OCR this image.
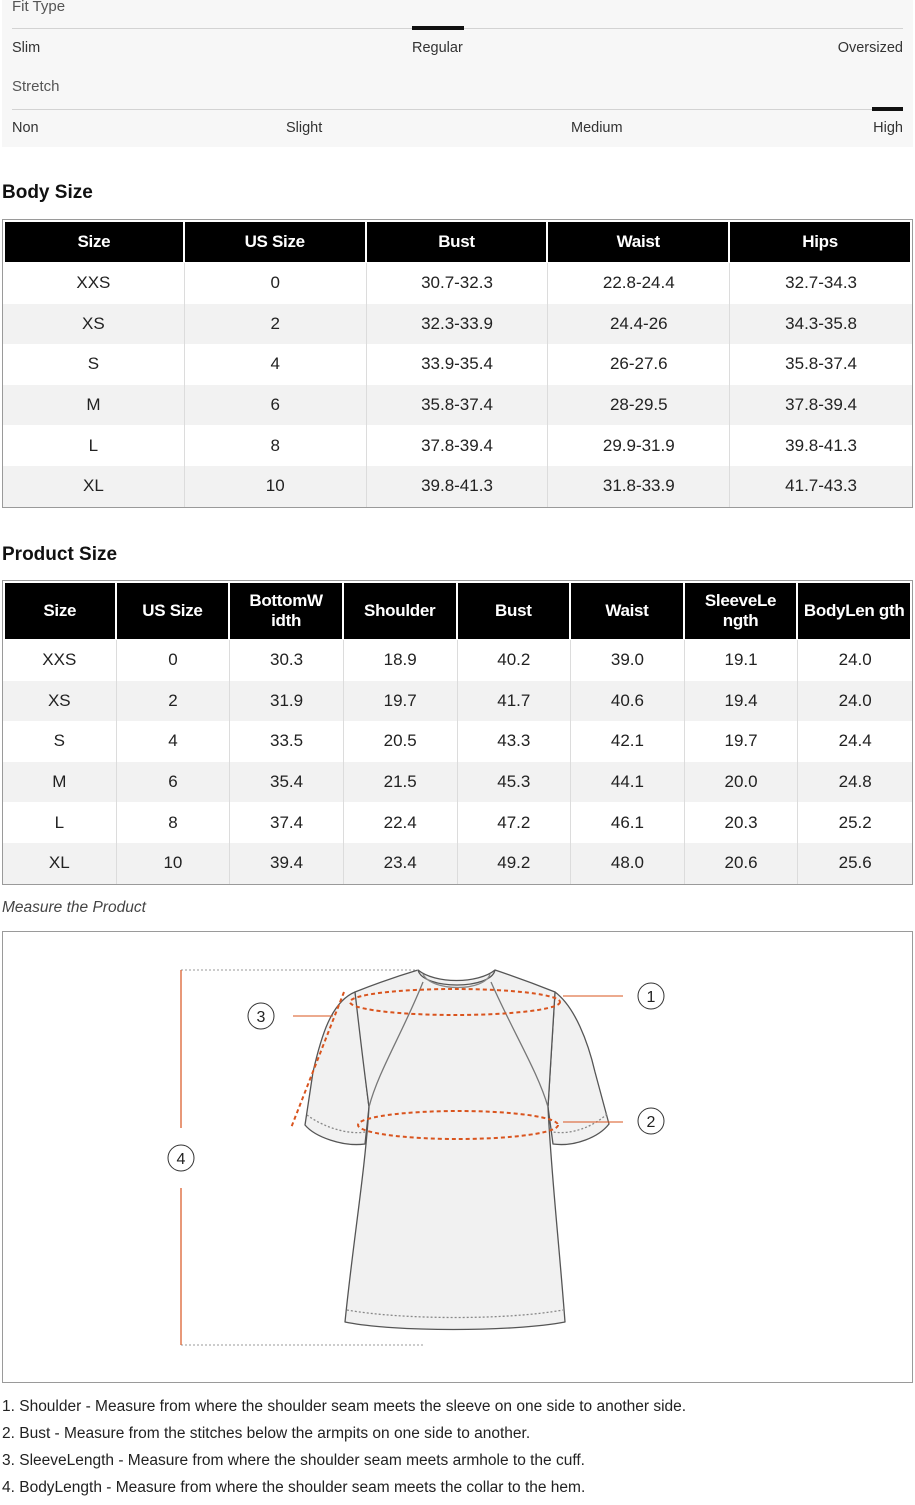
Fit Type
Slim	Regular	Oversized
Stretch
Non	Slight	Medium	High
Body Size
Size	US Size	Bust	Waist	Hips
XXS	0	30.7-32.3	22.8-24.4	32.7-34.3
XS	2	32.3-33.9	24.4-26	34.3-35.8
S	4	33.9-35.4	26-27.6	35.8-37.4
M	6	35.8-37.4	28-29.5	37.8-39.4
L	8	37.8-39.4	29.9-31.9	39.8-41.3
XL	10	39.8-41.3	31.8-33.9	41.7-43.3
Product Size
Size	US Size	BottomW idth	Shoulder	Bust	Waist	SleeveLe ngth	BodyLen gth
XXS	0	30.3	18.9	40.2	39.0	19.1	24.0
XS	2	31.9	19.7	41.7	40.6	19.4	24.0
S	4	33.5	20.5	43.3	42.1	19.7	24.4
M	6	35.4	21.5	45.3	44.1	20.0	24.8
L	8	37.4	22.4	47.2	46.1	20.3	25.2
XL	10	39.4	23.4	49.2	48.0	20.6	25.6
Measure the Product
1
2
3
4
1. Shoulder - Measure from where the shoulder seam meets the sleeve on one side to another side.
2. Bust - Measure from the stitches below the armpits on one side to another.
3. SleeveLength - Measure from where the shoulder seam meets armhole to the cuff.
4. BodyLength - Measure from where the shoulder seam meets the collar to the hem.
